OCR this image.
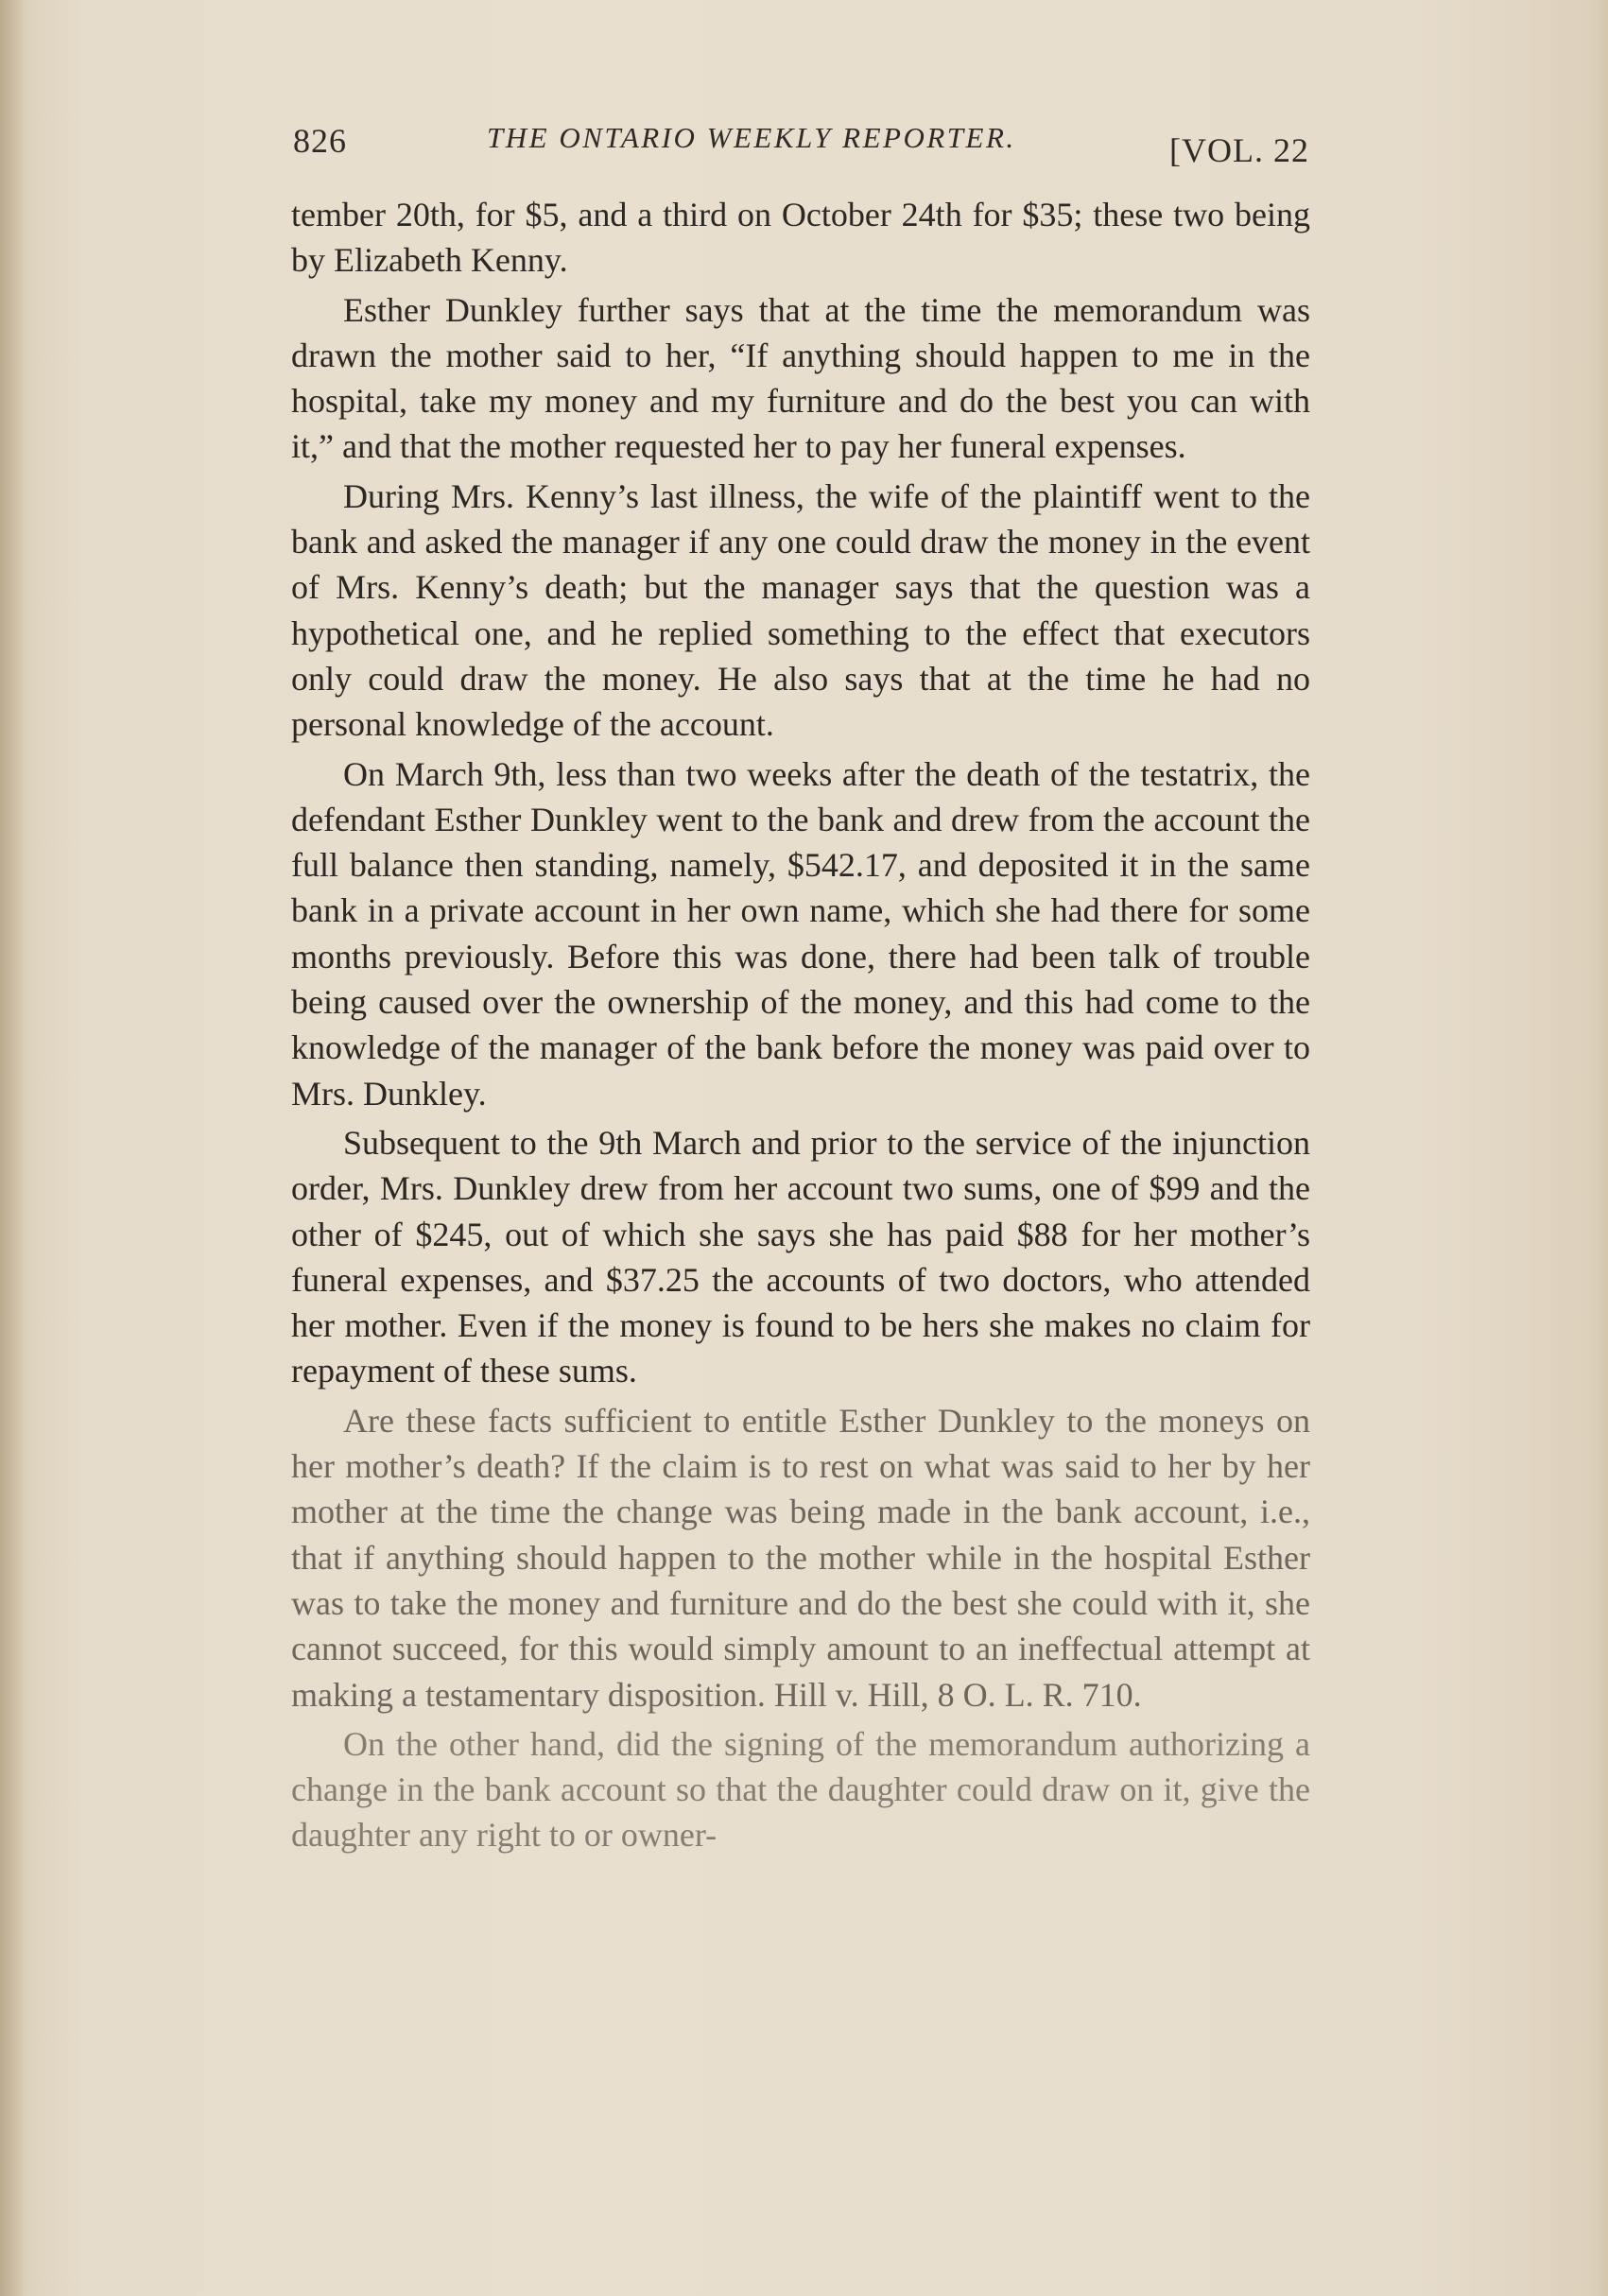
826	THE ONTARIO WEEKLY REPORTER.	[VOL. 22

tember 20th, for $5, and a third on October 24th for $35; these two being by Elizabeth Kenny.

Esther Dunkley further says that at the time the memorandum was drawn the mother said to her, “If anything should happen to me in the hospital, take my money and my furniture and do the best you can with it,” and that the mother requested her to pay her funeral expenses.

During Mrs. Kenny’s last illness, the wife of the plaintiff went to the bank and asked the manager if any one could draw the money in the event of Mrs. Kenny’s death; but the manager says that the question was a hypothetical one, and he replied something to the effect that executors only could draw the money. He also says that at the time he had no personal knowledge of the account.

On March 9th, less than two weeks after the death of the testatrix, the defendant Esther Dunkley went to the bank and drew from the account the full balance then standing, namely, $542.17, and deposited it in the same bank in a private account in her own name, which she had there for some months previously. Before this was done, there had been talk of trouble being caused over the ownership of the money, and this had come to the knowledge of the manager of the bank before the money was paid over to Mrs. Dunkley.

Subsequent to the 9th March and prior to the service of the injunction order, Mrs. Dunkley drew from her account two sums, one of $99 and the other of $245, out of which she says she has paid $88 for her mother’s funeral expenses, and $37.25 the accounts of two doctors, who attended her mother. Even if the money is found to be hers she makes no claim for repayment of these sums.

Are these facts sufficient to entitle Esther Dunkley to the moneys on her mother’s death? If the claim is to rest on what was said to her by her mother at the time the change was being made in the bank account, i.e., that if anything should happen to the mother while in the hospital Esther was to take the money and furniture and do the best she could with it, she cannot succeed, for this would simply amount to an ineffectual attempt at making a testamentary disposition. Hill v. Hill, 8 O. L. R. 710.

On the other hand, did the signing of the memorandum authorizing a change in the bank account so that the daughter could draw on it, give the daughter any right to or owner-
